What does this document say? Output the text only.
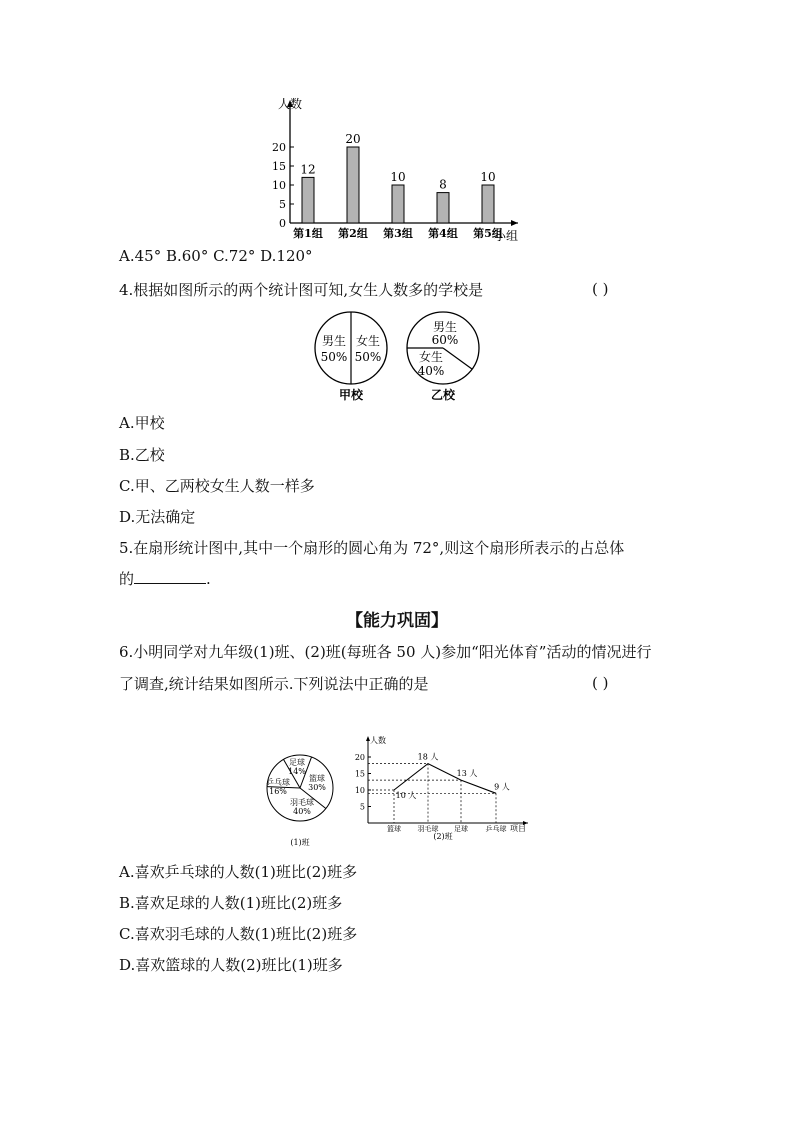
人数
小组
0
5
10
15
20
12
第1组
20
第2组
10
第3组
8
第4组
10
第5组
A.45° B.60° C.72° D.120°
4.根据如图所示的两个统计图可知,女生人数多的学校是	( )
男生
50%
女生
50%
甲校
男生
60%
女生
40%
乙校
A.甲校
B.乙校
C.甲、乙两校女生人数一样多
D.无法确定
5.在扇形统计图中,其中一个扇形的圆心角为 72°,则这个扇形所表示的占总体
的	.
【能力巩固】
6.小明同学对九年级(1)班、(2)班(每班各 50 人)参加“阳光体育”活动的情况进行
了调查,统计结果如图所示.下列说法中正确的是	( )
足球
14%
篮球
30%
羽毛球
40%
乒乓球
16%
(1)班
人数
项目
5
10
15
20
10 人
篮球
18 人
羽毛球
13 人
足球
9 人
乒乓球
(2)班
A.喜欢乒乓球的人数(1)班比(2)班多
B.喜欢足球的人数(1)班比(2)班多
C.喜欢羽毛球的人数(1)班比(2)班多
D.喜欢篮球的人数(2)班比(1)班多
